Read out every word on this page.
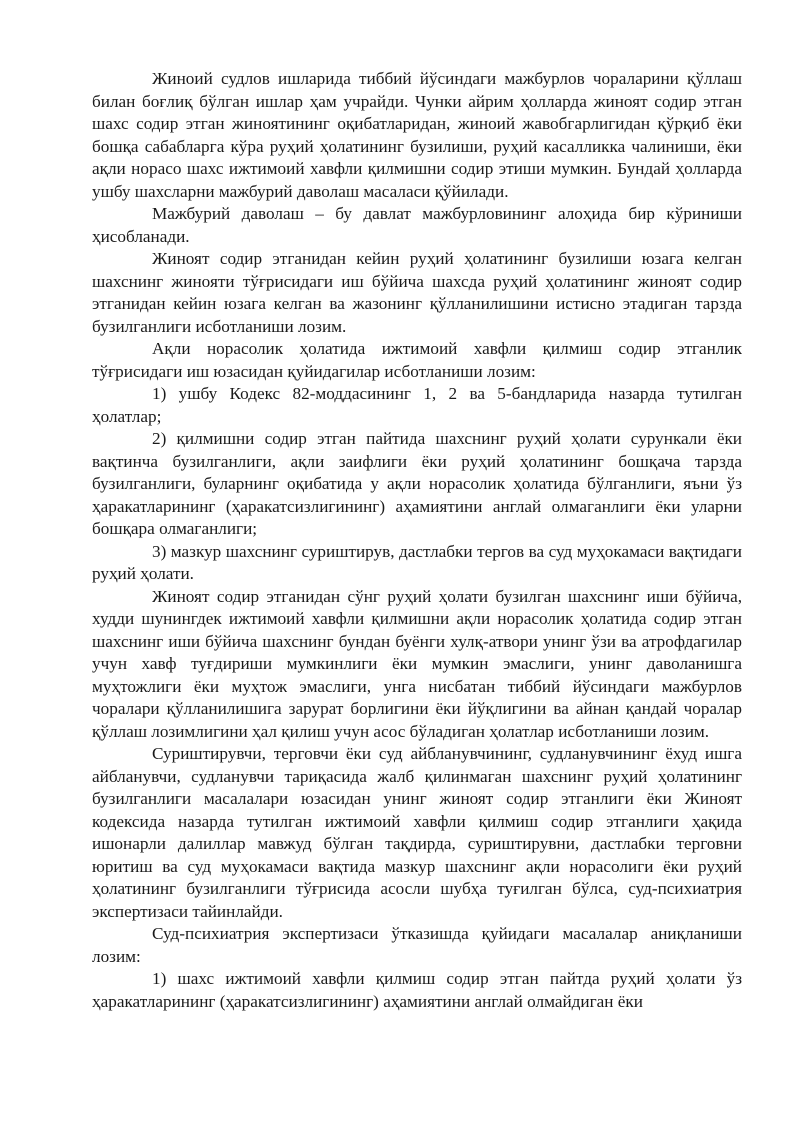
Жиноий судлов ишларида тиббий йўсиндаги мажбурлов чораларини қўллаш билан боғлиқ бўлган ишлар ҳам учрайди. Чунки айрим ҳолларда жиноят содир этган шахс содир этган жиноятининг оқибатларидан, жиноий жавобгарлигидан қўрқиб ёки бошқа сабабларга кўра руҳий ҳолатининг бузилиши, руҳий касалликка чалиниши, ёки ақли норасо шахс ижтимоий хавфли қилмишни содир этиши мумкин. Бундай ҳолларда ушбу шахсларни мажбурий даволаш масаласи қўйилади.

Мажбурий даволаш – бу давлат мажбурловининг алоҳида бир кўриниши ҳисобланади.

Жиноят содир этганидан кейин руҳий ҳолатининг бузилиши юзага келган шахснинг жинояти тўғрисидаги иш бўйича шахсда руҳий ҳолатининг жиноят содир этганидан кейин юзага келган ва жазонинг қўлланилишини истисно этадиган тарзда бузилганлиги исботланиши лозим.

Ақли норасолик ҳолатида ижтимоий хавфли қилмиш содир этганлик тўғрисидаги иш юзасидан қуйидагилар исботланиши лозим:

1) ушбу Кодекс 82-моддасининг 1, 2 ва 5-бандларида назарда тутилган ҳолатлар;

2) қилмишни содир этган пайтида шахснинг руҳий ҳолати сурункали ёки вақтинча бузилганлиги, ақли заифлиги ёки руҳий ҳолатининг бошқача тарзда бузилганлиги, буларнинг оқибатида у ақли норасолик ҳолатида бўлганлиги, яъни ўз ҳаракатларининг (ҳаракатсизлигининг) аҳамиятини англай олмаганлиги ёки уларни бошқара олмаганлиги;

3) мазкур шахснинг суриштирув, дастлабки тергов ва суд муҳокамаси вақтидаги руҳий ҳолати.

Жиноят содир этганидан сўнг руҳий ҳолати бузилган шахснинг иши бўйича, худди шунингдек ижтимоий хавфли қилмишни ақли норасолик ҳолатида содир этган шахснинг иши бўйича шахснинг бундан буёнги хулқ-атвори унинг ўзи ва атрофдагилар учун хавф туғдириши мумкинлиги ёки мумкин эмаслиги, унинг даволанишга муҳтожлиги ёки муҳтож эмаслиги, унга нисбатан тиббий йўсиндаги мажбурлов чоралари қўлланилишига зарурат борлигини ёки йўқлигини ва айнан қандай чоралар қўллаш лозимлигини ҳал қилиш учун асос бўладиган ҳолатлар исботланиши лозим.

Суриштирувчи, терговчи ёки суд айбланувчининг, судланувчининг ёхуд ишга айбланувчи, судланувчи тариқасида жалб қилинмаган шахснинг руҳий ҳолатининг бузилганлиги масалалари юзасидан унинг жиноят содир этганлиги ёки Жиноят кодексида назарда тутилган ижтимоий хавфли қилмиш содир этганлиги ҳақида ишонарли далиллар мавжуд бўлган тақдирда, суриштирувни, дастлабки терговни юритиш ва суд муҳокамаси вақтида мазкур шахснинг ақли норасолиги ёки руҳий ҳолатининг бузилганлиги тўғрисида асосли шубҳа туғилган бўлса, суд-психиатрия экспертизаси тайинлайди.

Суд-психиатрия экспертизаси ўтказишда қуйидаги масалалар аниқланиши лозим:

1) шахс ижтимоий хавфли қилмиш содир этган пайтда руҳий ҳолати ўз ҳаракатларининг (ҳаракатсизлигининг) аҳамиятини англай олмайдиган ёки
